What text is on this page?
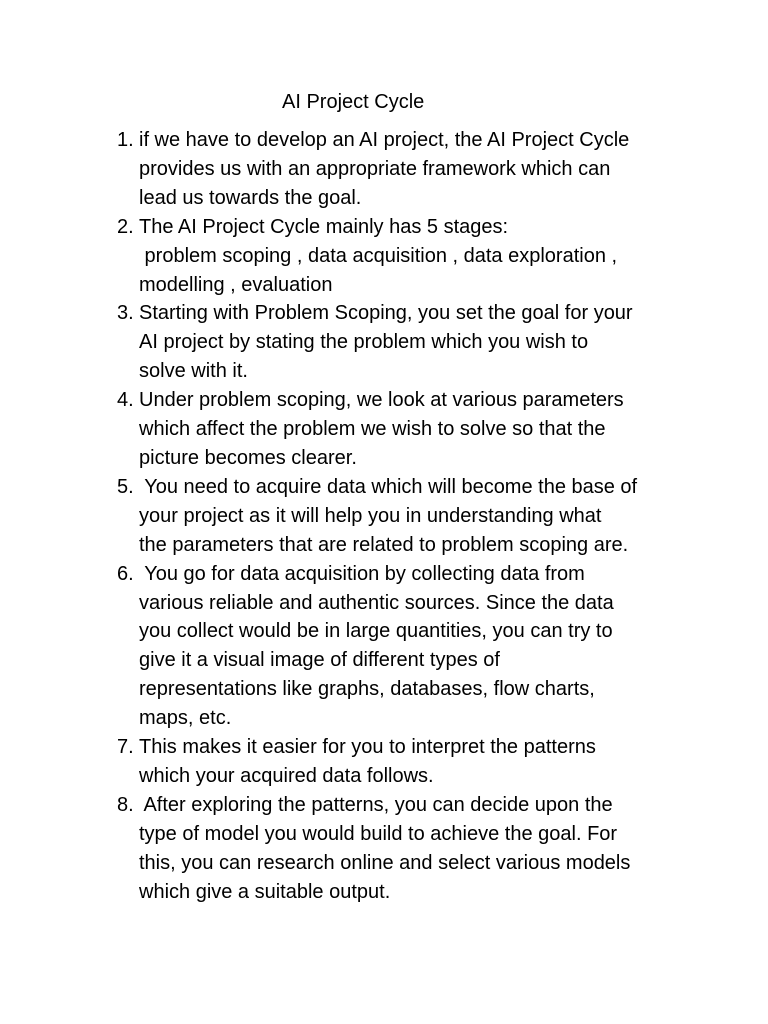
AI Project Cycle
1. if we have to develop an AI project, the AI Project Cycle
provides us with an appropriate framework which can
lead us towards the goal.
2. The AI Project Cycle mainly has 5 stages:
problem scoping , data acquisition , data exploration ,
modelling , evaluation
3. Starting with Problem Scoping, you set the goal for your
AI project by stating the problem which you wish to
solve with it.
4. Under problem scoping, we look at various parameters
which affect the problem we wish to solve so that the
picture becomes clearer.
5. You need to acquire data which will become the base of
your project as it will help you in understanding what
the parameters that are related to problem scoping are.
6. You go for data acquisition by collecting data from
various reliable and authentic sources. Since the data
you collect would be in large quantities, you can try to
give it a visual image of different types of
representations like graphs, databases, flow charts,
maps, etc.
7. This makes it easier for you to interpret the patterns
which your acquired data follows.
8. After exploring the patterns, you can decide upon the
type of model you would build to achieve the goal. For
this, you can research online and select various models
which give a suitable output.
